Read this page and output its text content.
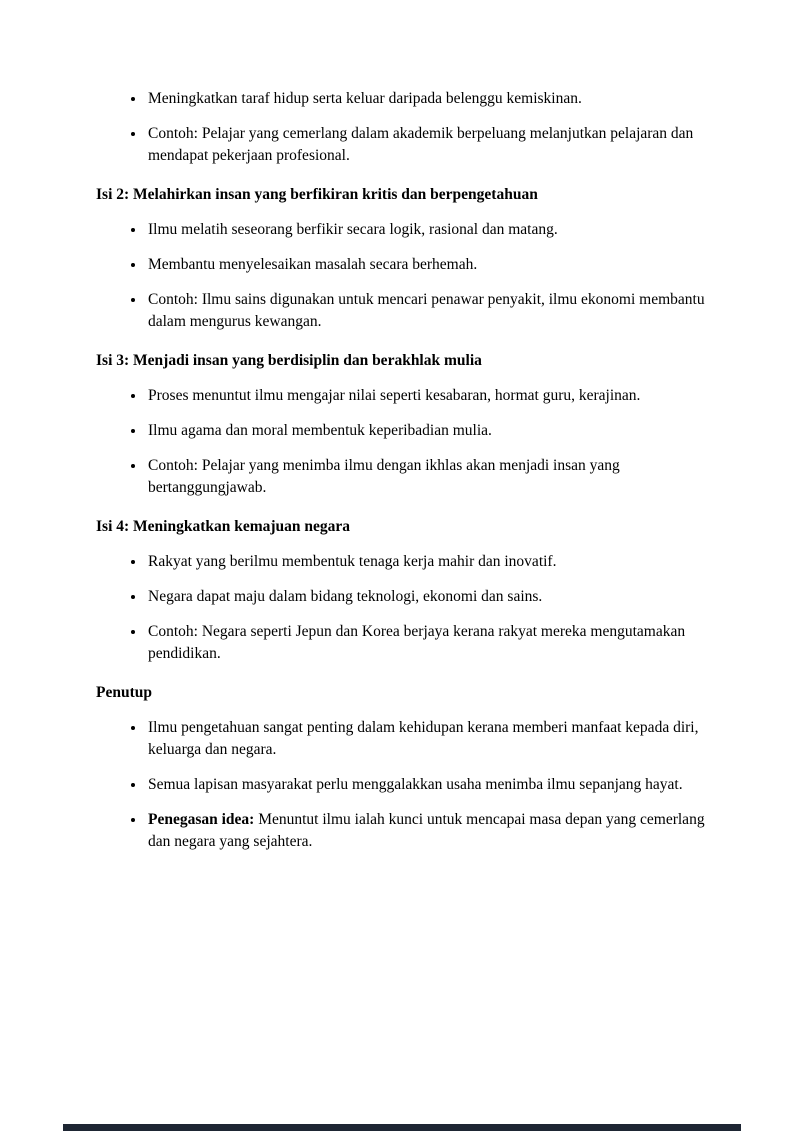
• Meningkatkan taraf hidup serta keluar daripada belenggu kemiskinan.
• Contoh: Pelajar yang cemerlang dalam akademik berpeluang melanjutkan pelajaran dan mendapat pekerjaan profesional.
Isi 2: Melahirkan insan yang berfikiran kritis dan berpengetahuan
• Ilmu melatih seseorang berfikir secara logik, rasional dan matang.
• Membantu menyelesaikan masalah secara berhemah.
• Contoh: Ilmu sains digunakan untuk mencari penawar penyakit, ilmu ekonomi membantu dalam mengurus kewangan.
Isi 3: Menjadi insan yang berdisiplin dan berakhlak mulia
• Proses menuntut ilmu mengajar nilai seperti kesabaran, hormat guru, kerajinan.
• Ilmu agama dan moral membentuk keperibadian mulia.
• Contoh: Pelajar yang menimba ilmu dengan ikhlas akan menjadi insan yang bertanggungjawab.
Isi 4: Meningkatkan kemajuan negara
• Rakyat yang berilmu membentuk tenaga kerja mahir dan inovatif.
• Negara dapat maju dalam bidang teknologi, ekonomi dan sains.
• Contoh: Negara seperti Jepun dan Korea berjaya kerana rakyat mereka mengutamakan pendidikan.
Penutup
• Ilmu pengetahuan sangat penting dalam kehidupan kerana memberi manfaat kepada diri, keluarga dan negara.
• Semua lapisan masyarakat perlu menggalakkan usaha menimba ilmu sepanjang hayat.
• Penegasan idea: Menuntut ilmu ialah kunci untuk mencapai masa depan yang cemerlang dan negara yang sejahtera.
